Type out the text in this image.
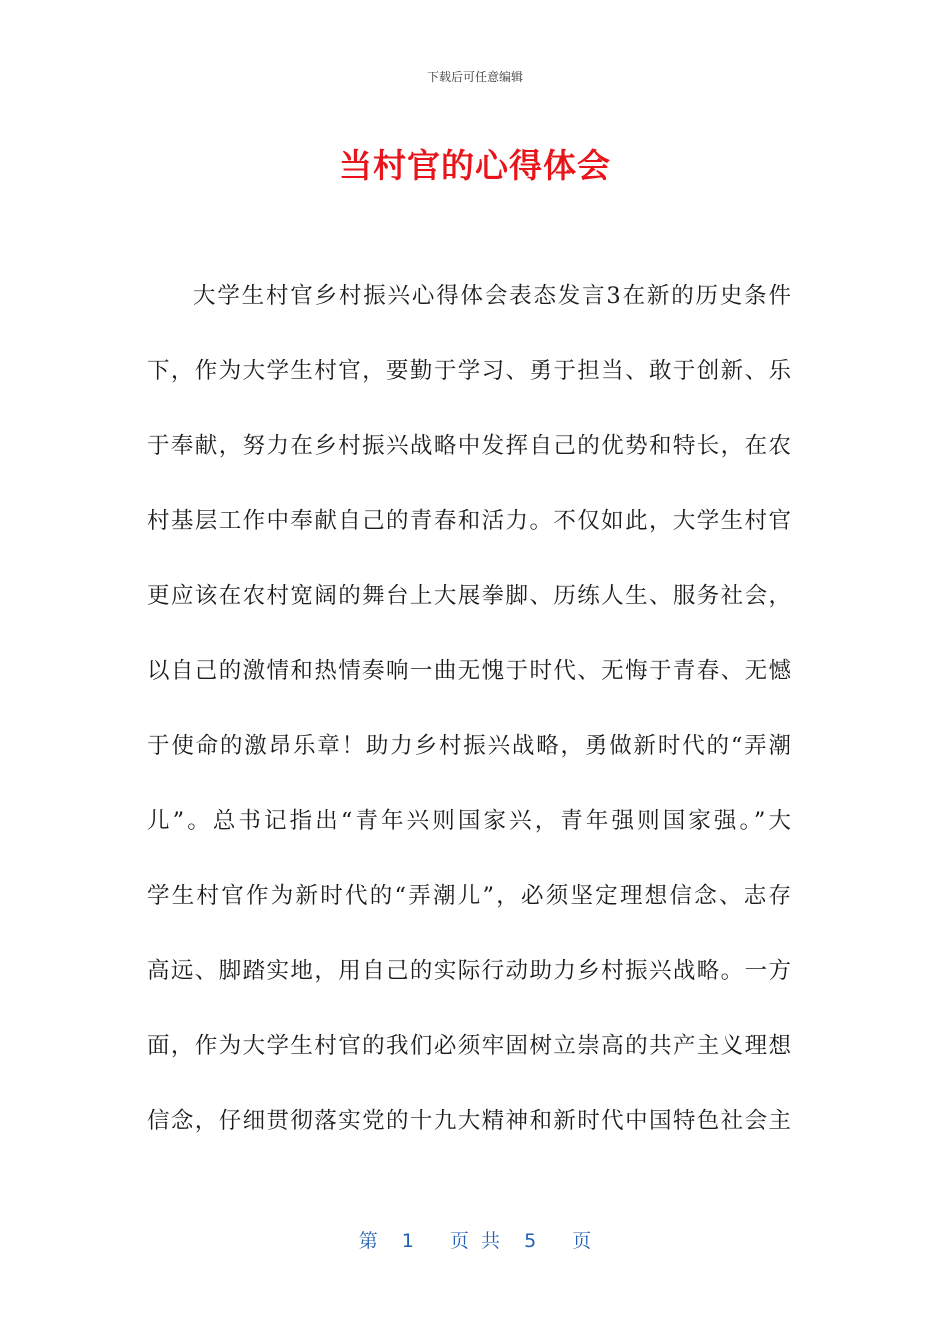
下载后可任意编辑
当村官的心得体会
大学生村官乡村振兴心得体会表态发言3在新的历史条件
下，作为大学生村官，要勤于学习、勇于担当、敢于创新、乐
于奉献，努力在乡村振兴战略中发挥自己的优势和特长，在农
村基层工作中奉献自己的青春和活力。不仅如此，大学生村官
更应该在农村宽阔的舞台上大展拳脚、历练人生、服务社会，
以自己的激情和热情奏响一曲无愧于时代、无悔于青春、无憾
于使命的激昂乐章！助力乡村振兴战略，勇做新时代的“弄潮
儿”。总书记指出“青年兴则国家兴，青年强则国家强。”大
学生村官作为新时代的“弄潮儿”，必须坚定理想信念、志存
高远、脚踏实地，用自己的实际行动助力乡村振兴战略。一方
面，作为大学生村官的我们必须牢固树立崇高的共产主义理想
信念，仔细贯彻落实党的十九大精神和新时代中国特色社会主
第  1   页 共  5   页
